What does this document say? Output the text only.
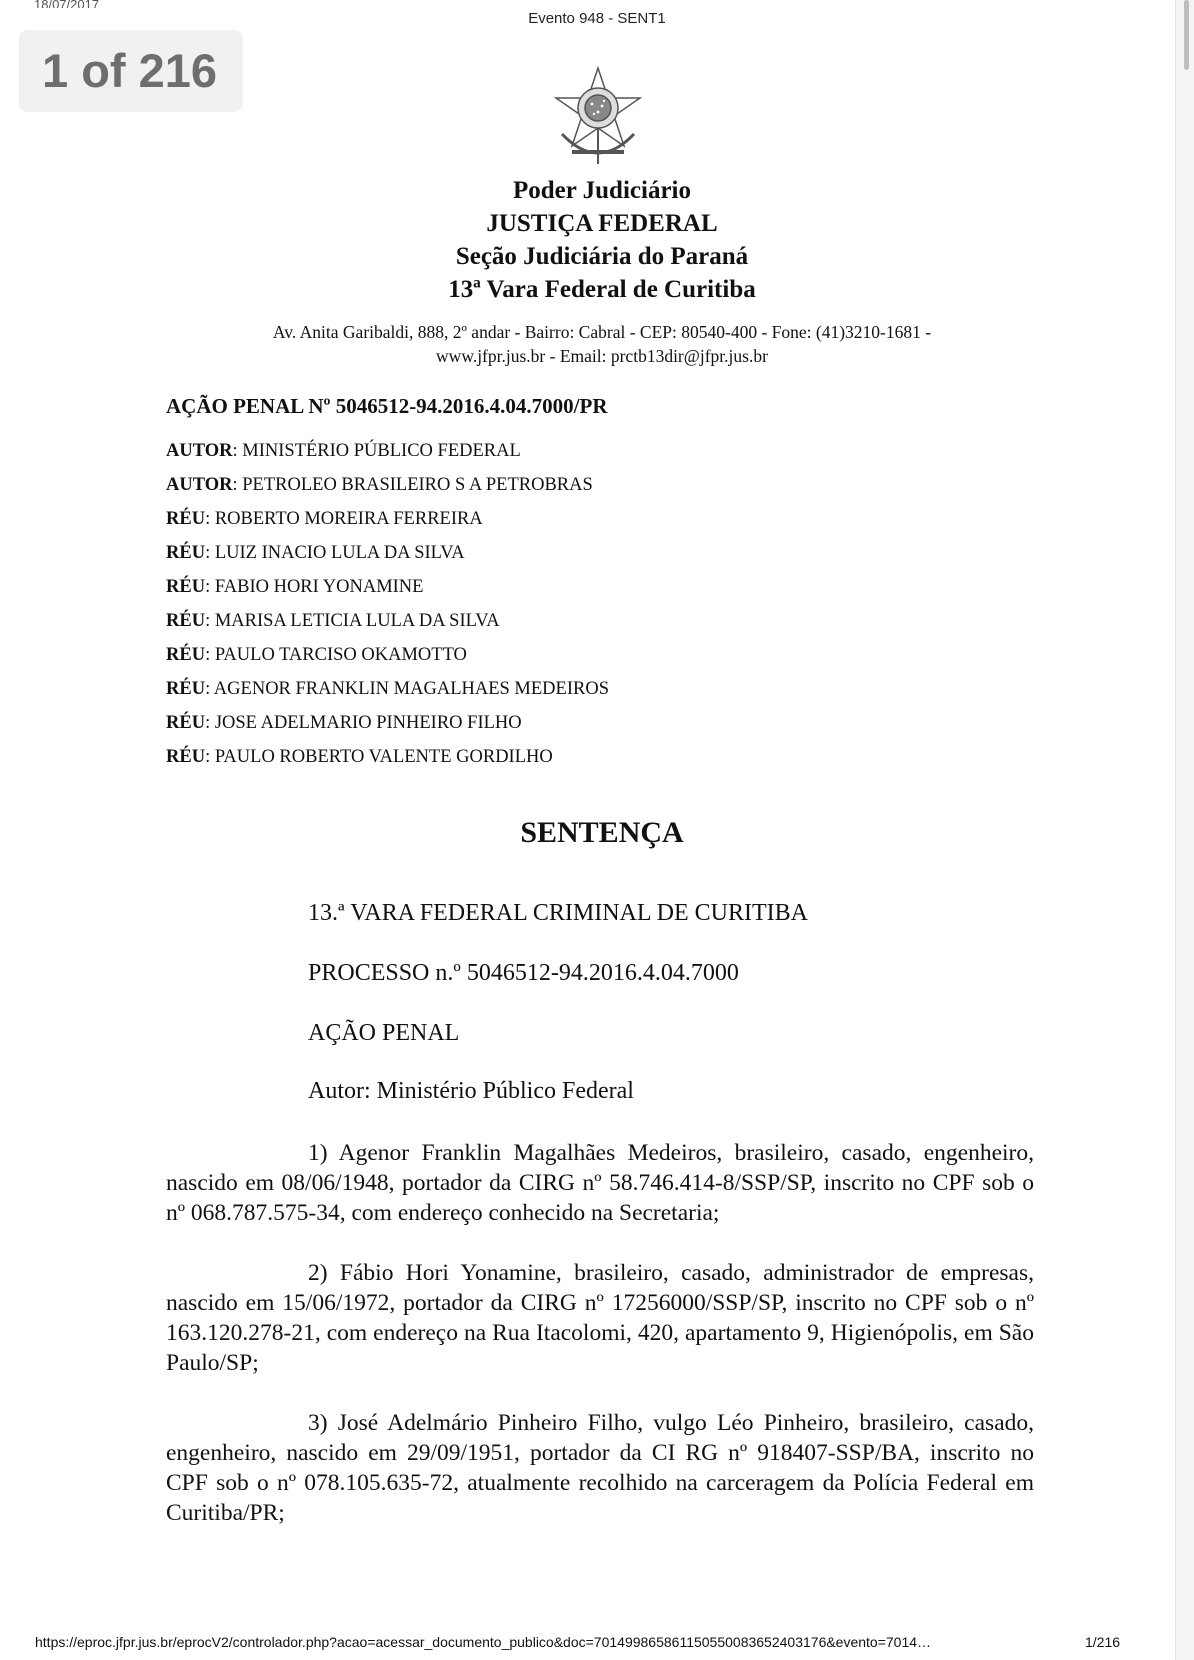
18/07/2017
Evento 948 - SENT1
1 of 216
Poder Judiciário
JUSTIÇA FEDERAL
Seção Judiciária do Paraná
13ª Vara Federal de Curitiba
Av. Anita Garibaldi, 888, 2º andar - Bairro: Cabral - CEP: 80540-400 - Fone: (41)3210-1681 -
www.jfpr.jus.br - Email: prctb13dir@jfpr.jus.br
AÇÃO PENAL Nº 5046512-94.2016.4.04.7000/PR
AUTOR: MINISTÉRIO PÚBLICO FEDERAL
AUTOR: PETROLEO BRASILEIRO S A PETROBRAS
RÉU: ROBERTO MOREIRA FERREIRA
RÉU: LUIZ INACIO LULA DA SILVA
RÉU: FABIO HORI YONAMINE
RÉU: MARISA LETICIA LULA DA SILVA
RÉU: PAULO TARCISO OKAMOTTO
RÉU: AGENOR FRANKLIN MAGALHAES MEDEIROS
RÉU: JOSE ADELMARIO PINHEIRO FILHO
RÉU: PAULO ROBERTO VALENTE GORDILHO
SENTENÇA
13.ª VARA FEDERAL CRIMINAL DE CURITIBA
PROCESSO n.º 5046512-94.2016.4.04.7000
AÇÃO PENAL
Autor: Ministério Público Federal

1) Agenor Franklin Magalhães Medeiros, brasileiro, casado, engenheiro, nascido em 08/06/1948, portador da CIRG nº 58.746.414-8/SSP/SP, inscrito no CPF sob o nº 068.787.575-34, com endereço conhecido na Secretaria;

2) Fábio Hori Yonamine, brasileiro, casado, administrador de empresas, nascido em 15/06/1972, portador da CIRG nº 17256000/SSP/SP, inscrito no CPF sob o nº 163.120.278-21, com endereço na Rua Itacolomi, 420, apartamento 9, Higienópolis, em São Paulo/SP;

3) José Adelmário Pinheiro Filho, vulgo Léo Pinheiro, brasileiro, casado, engenheiro, nascido em 29/09/1951, portador da CI RG nº 918407-SSP/BA, inscrito no CPF sob o nº 078.105.635-72, atualmente recolhido na carceragem da Polícia Federal em Curitiba/PR;

https://eproc.jfpr.jus.br/eprocV2/controlador.php?acao=acessar_documento_publico&doc=701499865861150550083652403176&evento=7014…	1/216
